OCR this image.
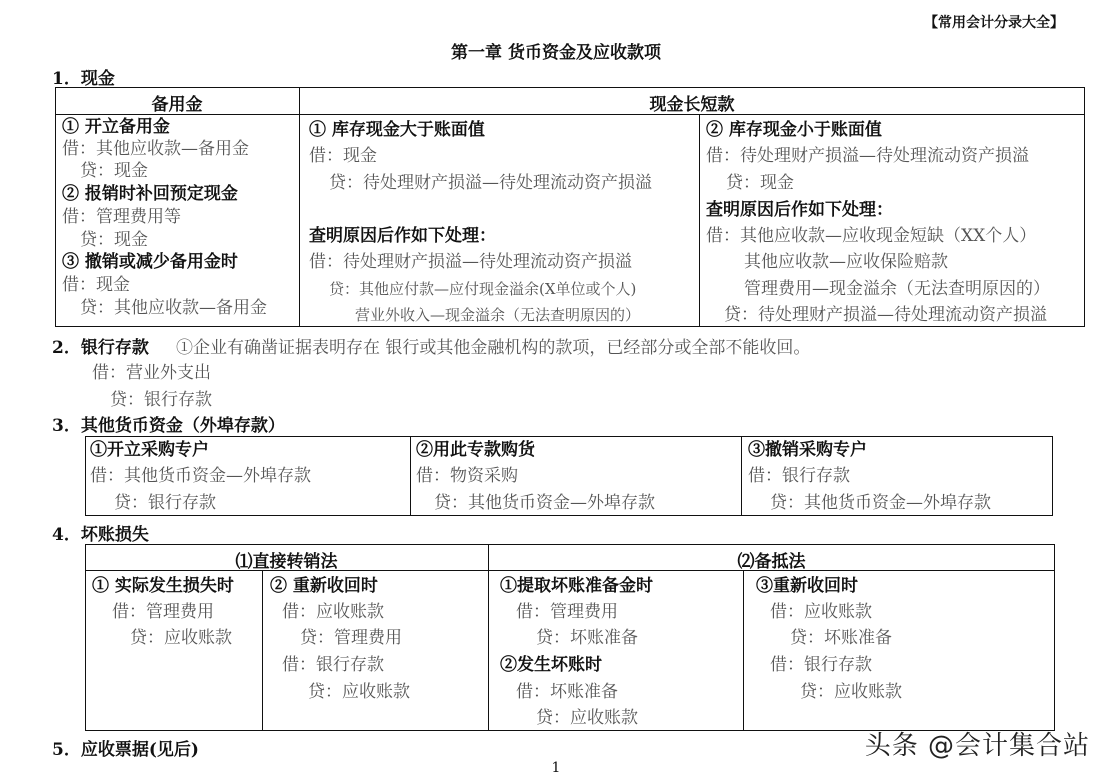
【常用会计分录大全】
第一章 货币资金及应收款项
1．现金
备用金	现金长短款
① 开立备用金
借：其他应收款—备用金
贷：现金
② 报销时补回预定现金
借：管理费用等
贷：现金
③ 撤销或减少备用金时
借：现金
贷：其他应收款—备用金
① 库存现金大于账面值
借：现金
贷：待处理财产损溢—待处理流动资产损溢
查明原因后作如下处理：
借：待处理财产损溢—待处理流动资产损溢
贷：其他应付款—应付现金溢余(X单位或个人)
营业外收入—现金溢余（无法查明原因的）
② 库存现金小于账面值
借：待处理财产损溢—待处理流动资产损溢
贷：现金
查明原因后作如下处理：
借：其他应收款—应收现金短缺（XX个人）
其他应收款—应收保险赔款
管理费用—现金溢余（无法查明原因的）
贷：待处理财产损溢—待处理流动资产损溢
2．银行存款 ①企业有确凿证据表明存在 银行或其他金融机构的款项，已经部分或全部不能收回。
借：营业外支出
贷：银行存款
3．其他货币资金（外埠存款）
①开立采购专户
借：其他货币资金—外埠存款
贷：银行存款
②用此专款购货
借：物资采购
贷：其他货币资金—外埠存款
③撤销采购专户
借：银行存款
贷：其他货币资金—外埠存款
4．坏账损失
⑴直接转销法	⑵备抵法
① 实际发生损失时
借：管理费用
贷：应收账款
② 重新收回时
借：应收账款
贷：管理费用
借：银行存款
贷：应收账款
①提取坏账准备金时
借：管理费用
贷：坏账准备
②发生坏账时
借：坏账准备
贷：应收账款
③重新收回时
借：应收账款
贷：坏账准备
借：银行存款
贷：应收账款
5．应收票据(见后)
1
头条 @会计集合站
